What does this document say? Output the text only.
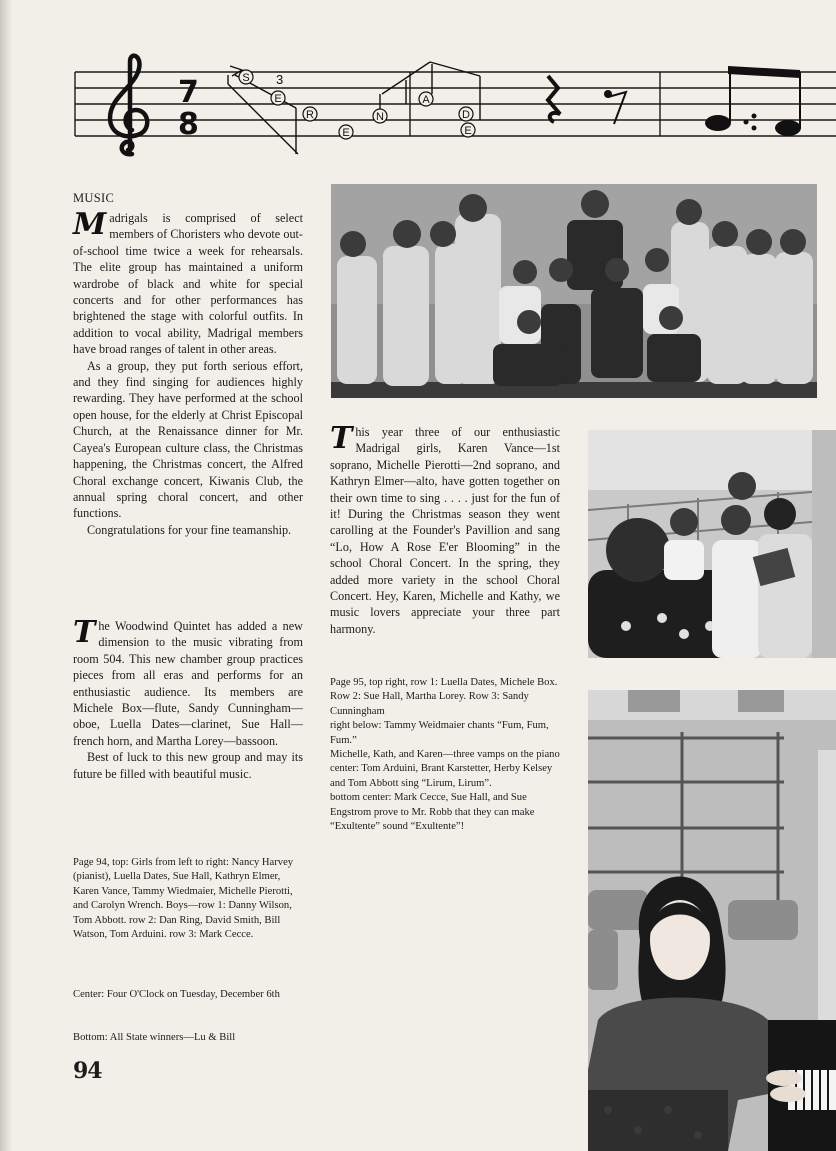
7
8
S
E
R
E
N
A
D
E
3
MUSIC

Madrigals is comprised of select members of Choristers who devote out-of-school time twice a week for rehearsals. The elite group has maintained a uniform wardrobe of black and white for special concerts and for other performances has brightened the stage with colorful outfits. In addition to vocal ability, Madrigal members have broad ranges of talent in other areas.

As a group, they put forth serious effort, and they find singing for audiences highly rewarding. They have performed at the school open house, for the elderly at Christ Episcopal Church, at the Renaissance dinner for Mr. Cayea's European culture class, the Christmas happening, the Christmas concert, the Alfred Choral exchange concert, Kiwanis Club, the annual spring choral concert, and other functions.

Congratulations for your fine teamanship.

The Woodwind Quintet has added a new dimension to the music vibrating from room 504. This new chamber group practices pieces from all eras and performs for an enthusiastic audience. Its members are Michele Box—flute, Sandy Cunningham—oboe, Luella Dates—clarinet, Sue Hall—french horn, and Martha Lorey—bassoon.

Best of luck to this new group and may its future be filled with beautiful music.

Page 94, top: Girls from left to right: Nancy Harvey (pianist), Luella Dates, Sue Hall, Kathryn Elmer, Karen Vance, Tammy Wiedmaier, Michelle Pierotti, and Carolyn Wrench. Boys—row 1: Danny Wilson, Tom Abbott. row 2: Dan Ring, David Smith, Bill Watson, Tom Arduini. row 3: Mark Cecce.
Center: Four O'Clock on Tuesday, December 6th
Bottom: All State winners—Lu & Bill
94

This year three of our enthusiastic Madrigal girls, Karen Vance—1st soprano, Michelle Pierotti—2nd soprano, and Kathryn Elmer—alto, have gotten together on their own time to sing . . . . just for the fun of it! During the Christmas season they went carolling at the Founder's Pavillion and sang “Lo, How A Rose E'er Blooming” in the school Choral Concert. In the spring, they added more variety in the school Choral Concert. Hey, Karen, Michelle and Kathy, we music lovers appreciate your three part harmony.

Page 95, top right, row 1: Luella Dates, Michele Box. Row 2: Sue Hall, Martha Lorey. Row 3: Sandy Cunningham

right below: Tammy Weidmaier chants “Fum, Fum, Fum.”

Michelle, Kath, and Karen—three vamps on the piano

center: Tom Arduini, Brant Karstetter, Herby Kelsey and Tom Abbott sing “Lirum, Lirum”.

bottom center: Mark Cecce, Sue Hall, and Sue Engstrom prove to Mr. Robb that they can make “Exultente” sound “Exultente”!
